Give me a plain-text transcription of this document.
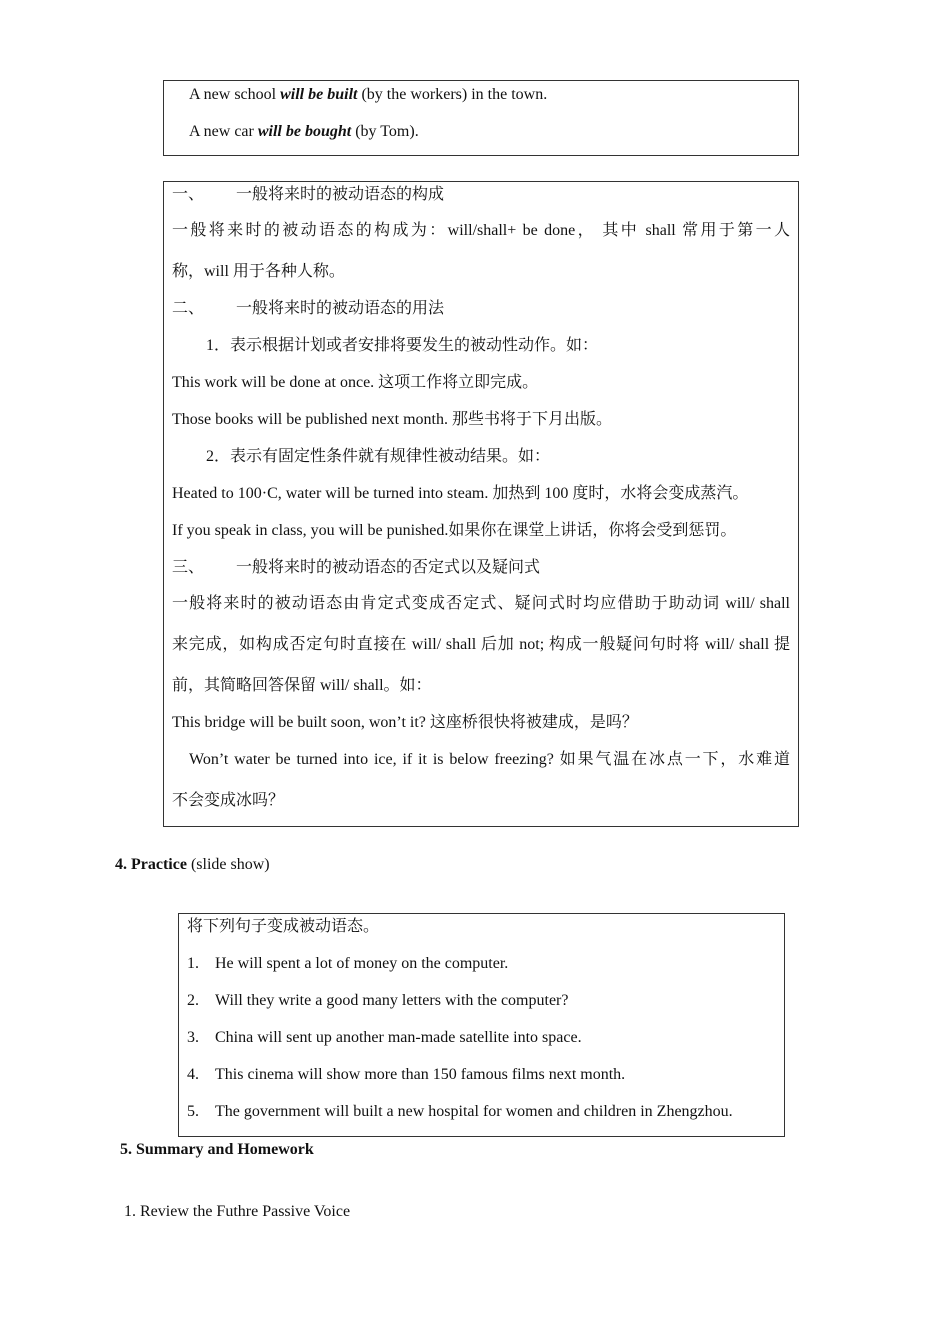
A new school will be built (by the workers) in the town.
A new car will be bought (by Tom).
一、        一般将来时的被动语态的构成
一般将来时的被动语态的构成为：will/shall+ be done， 其中 shall 常用于第一人
称，will 用于各种人称。
二、        一般将来时的被动语态的用法
1．表示根据计划或者安排将要发生的被动性动作。如：
This work will be done at once. 这项工作将立即完成。
Those books will be published next month. 那些书将于下月出版。
2．表示有固定性条件就有规律性被动结果。如：
Heated to 100·C, water will be turned into steam. 加热到 100 度时，水将会变成蒸汽。
If you speak in class, you will be punished.如果你在课堂上讲话，你将会受到惩罚。
三、        一般将来时的被动语态的否定式以及疑问式
一般将来时的被动语态由肯定式变成否定式、疑问式时均应借助于助动词 will/ shall
来完成，如构成否定句时直接在 will/ shall 后加 not; 构成一般疑问句时将 will/ shall 提
前，其简略回答保留 will/ shall。如：
This bridge will be built soon, won’t it? 这座桥很快将被建成，是吗？
Won’t water be turned into ice, if it is below freezing? 如果气温在冰点一下，水难道
不会变成冰吗？
4. Practice (slide show)
将下列句子变成被动语态。
1. He will spent a lot of money on the computer.
2. Will they write a good many letters with the computer?
3. China will sent up another man-made satellite into space.
4. This cinema will show more than 150 famous films next month.
5. The government will built a new hospital for women and children in Zhengzhou.
5. Summary and Homework
1. Review the Futhre Passive Voice
